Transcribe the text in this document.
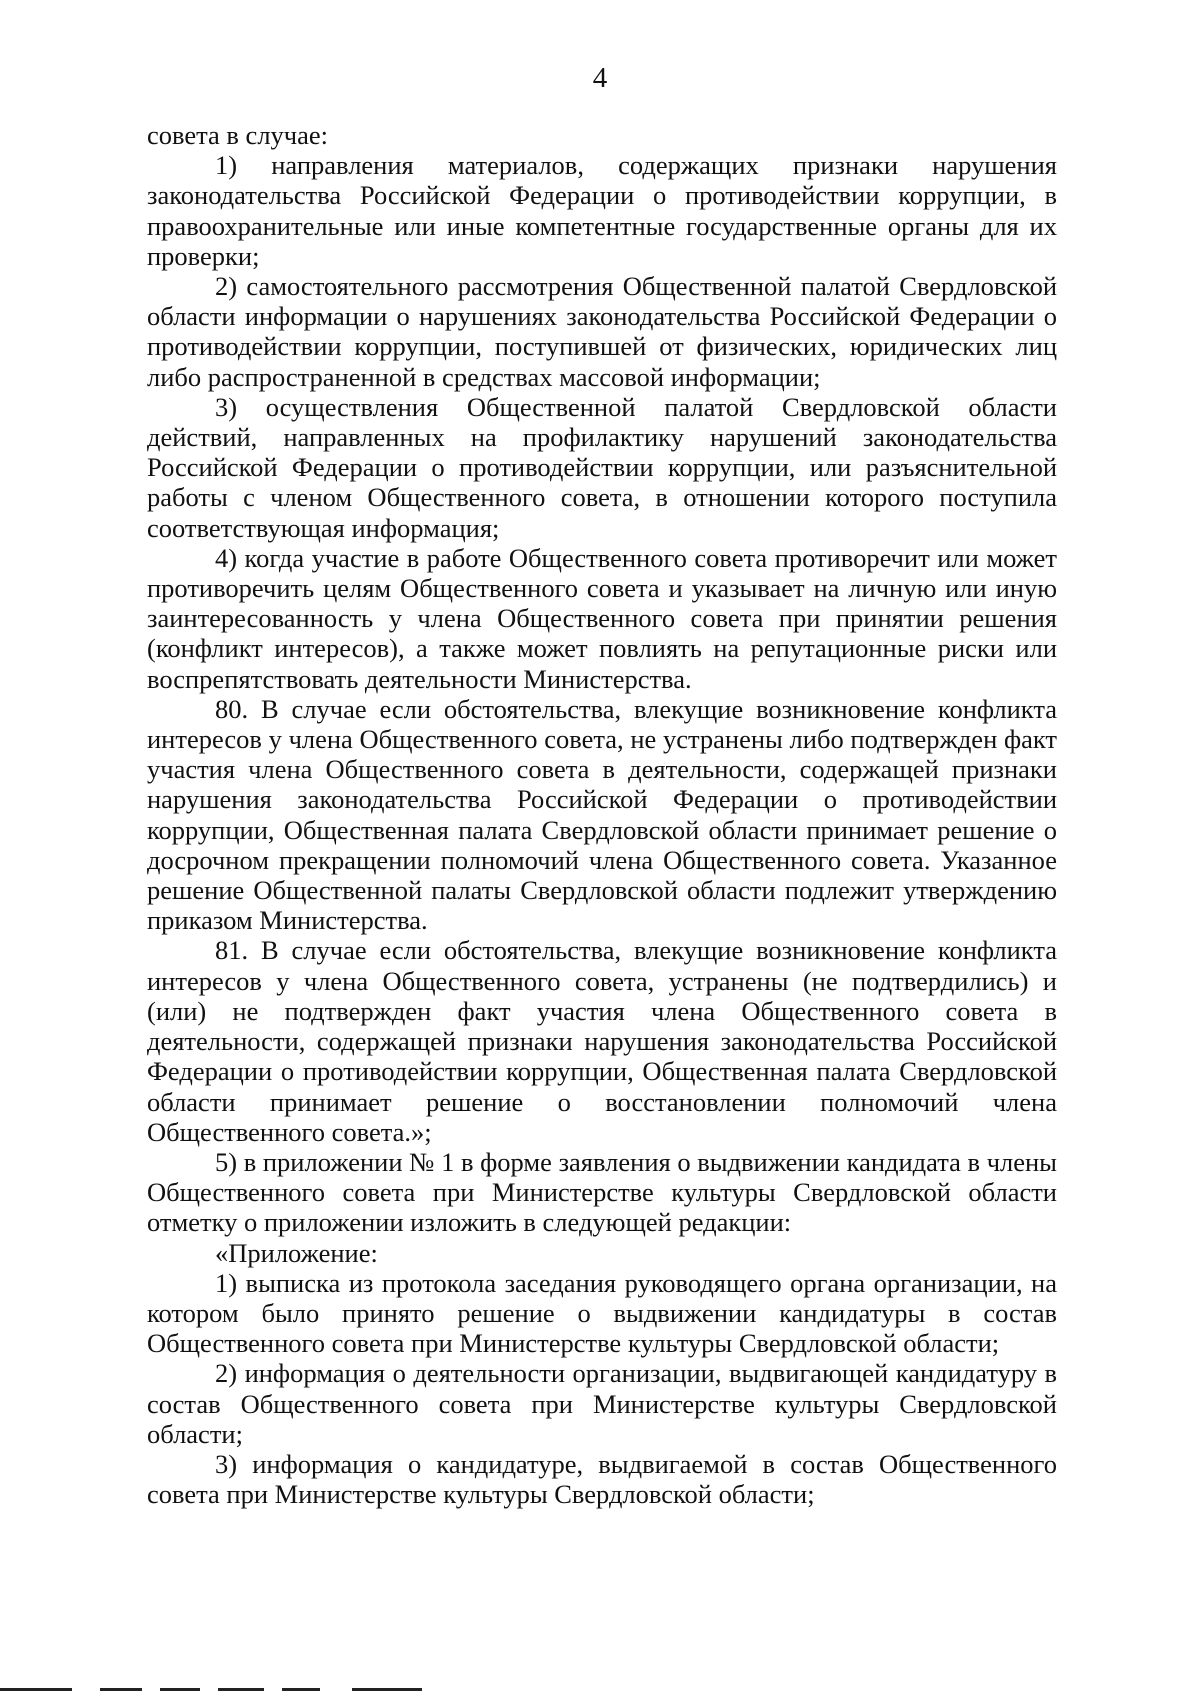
4

совета в случае:

1) направления материалов, содержащих признаки нарушения законодательства Российской Федерации о противодействии коррупции, в правоохранительные или иные компетентные государственные органы для их проверки;

2) самостоятельного рассмотрения Общественной палатой Свердловской области информации о нарушениях законодательства Российской Федерации о противодействии коррупции, поступившей от физических, юридических лиц либо распространенной в средствах массовой информации;

3) осуществления Общественной палатой Свердловской области действий, направленных на профилактику нарушений законодательства Российской Федерации о противодействии коррупции, или разъяснительной работы с членом Общественного совета, в отношении которого поступила соответствующая информация;

4) когда участие в работе Общественного совета противоречит или может противоречить целям Общественного совета и указывает на личную или иную заинтересованность у члена Общественного совета при принятии решения (конфликт интересов), а также может повлиять на репутационные риски или воспрепятствовать деятельности Министерства.

80. В случае если обстоятельства, влекущие возникновение конфликта интересов у члена Общественного совета, не устранены либо подтвержден факт участия члена Общественного совета в деятельности, содержащей признаки нарушения законодательства Российской Федерации о противодействии коррупции, Общественная палата Свердловской области принимает решение о досрочном прекращении полномочий члена Общественного совета. Указанное решение Общественной палаты Свердловской области подлежит утверждению приказом Министерства.

81. В случае если обстоятельства, влекущие возникновение конфликта интересов у члена Общественного совета, устранены (не подтвердились) и (или) не подтвержден факт участия члена Общественного совета в деятельности, содержащей признаки нарушения законодательства Российской Федерации о противодействии коррупции, Общественная палата Свердловской области принимает решение о восстановлении полномочий члена Общественного совета.»;

5) в приложении № 1 в форме заявления о выдвижении кандидата в члены Общественного совета при Министерстве культуры Свердловской области отметку о приложении изложить в следующей редакции:

«Приложение:

1) выписка из протокола заседания руководящего органа организации, на котором было принято решение о выдвижении кандидатуры в состав Общественного совета при Министерстве культуры Свердловской области;

2) информация о деятельности организации, выдвигающей кандидатуру в состав Общественного совета при Министерстве культуры Свердловской области;

3) информация о кандидатуре, выдвигаемой в состав Общественного совета при Министерстве культуры Свердловской области;
